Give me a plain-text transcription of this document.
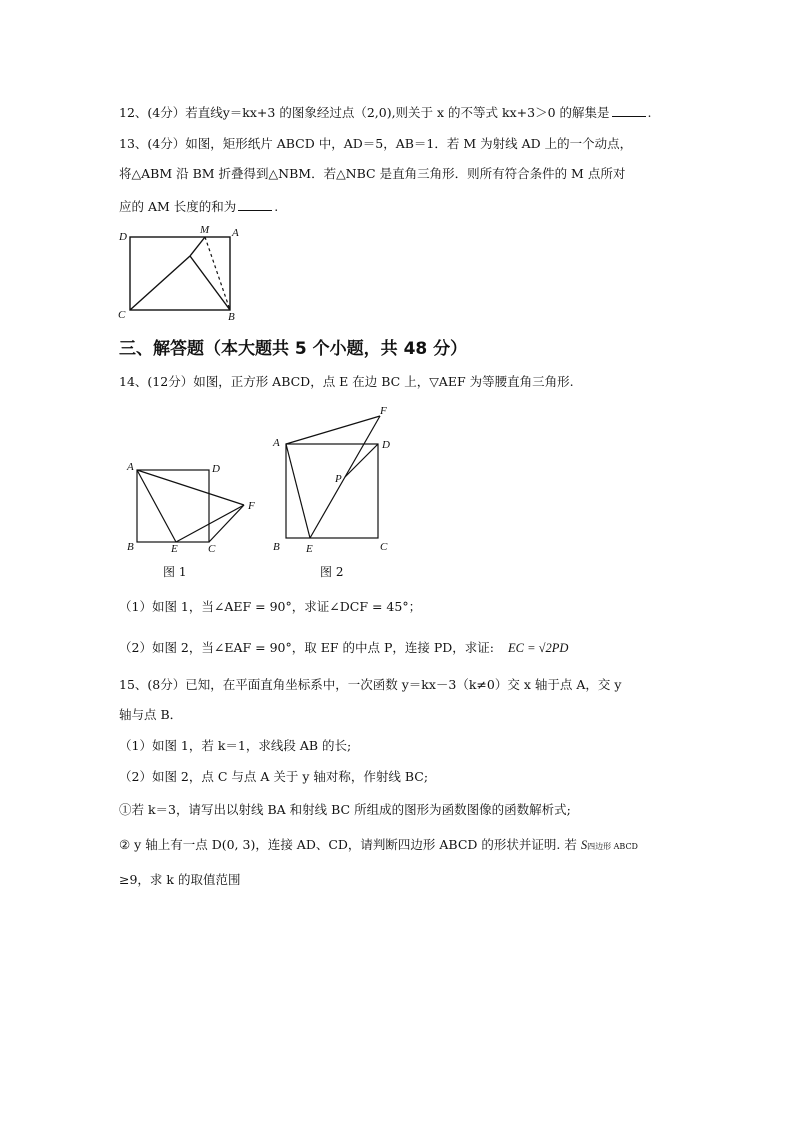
12、(4分）若直线y＝kx+3 的图象经过点（2,0),则关于 x 的不等式 kx+3＞0 的解集是	.
13、(4分）如图，矩形纸片 ABCD 中，AD＝5，AB＝1．若 M 为射线 AD 上的一个动点，
将△ABM 沿 BM 折叠得到△NBM．若△NBC 是直角三角形．则所有符合条件的 M 点所对
应的 AM 长度的和为	.
D
M A
C	B
三、解答题（本大题共 5 个小题，共 48 分）
14、(12分）如图，正方形 ABCD，点 E 在边 BC 上，▽AEF 为等腰直角三角形.
A	D
F
B	E	C
图 1
F
A	D
P
B E	C
图 2
（1）如图 1，当∠AEF = 90°，求证∠DCF = 45°；
（2）如图 2，当∠EAF = 90°，取 EF 的中点 P，连接 PD，求证: EC = √2PD
15、(8分）已知，在平面直角坐标系中，一次函数 y＝kx－3（k≠0）交 x 轴于点 A，交 y
轴与点 B．
（1）如图 1，若 k＝1，求线段 AB 的长;
（2）如图 2，点 C 与点 A 关于 y 轴对称，作射线 BC;
①若 k＝3，请写出以射线 BA 和射线 BC 所组成的图形为函数图像的函数解析式;
② y 轴上有一点 D(0, 3)，连接 AD、CD，请判断四边形 ABCD 的形状并证明. 若 S四边形 ABCD
≥9，求 k 的取值范围
